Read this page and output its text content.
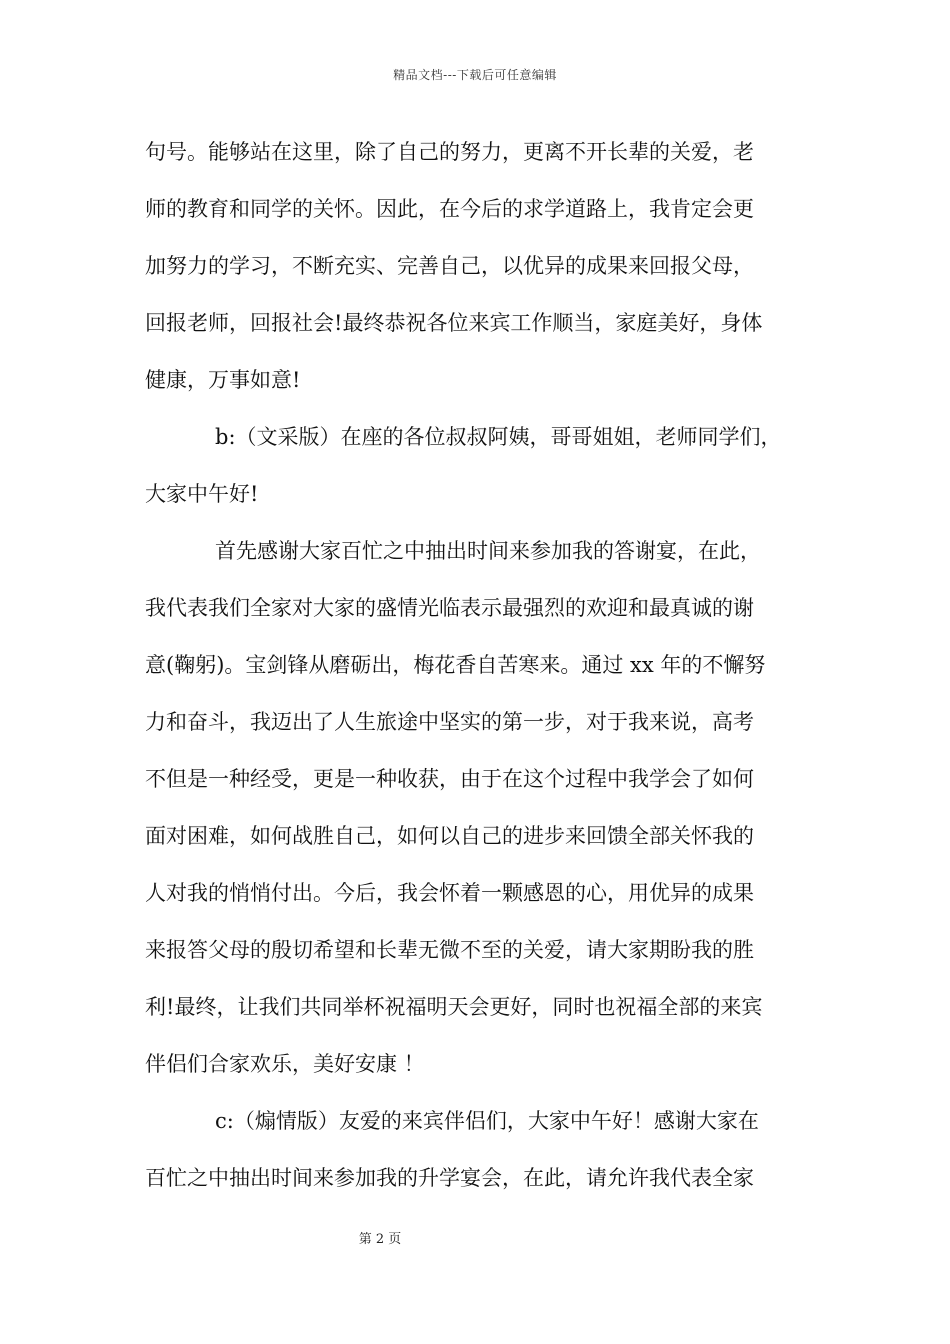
精品文档---下载后可任意编辑
句号。能够站在这里，除了自己的努力，更离不开长辈的关爱，老
师的教育和同学的关怀。因此，在今后的求学道路上，我肯定会更
加努力的学习，不断充实、完善自己，以优异的成果来回报父母，
回报老师，回报社会!最终恭祝各位来宾工作顺当，家庭美好，身体
健康，万事如意!
b:（文采版）在座的各位叔叔阿姨，哥哥姐姐，老师同学们，
大家中午好!
首先感谢大家百忙之中抽出时间来参加我的答谢宴，在此，
我代表我们全家对大家的盛情光临表示最强烈的欢迎和最真诚的谢
意(鞠躬)。宝剑锋从磨砺出，梅花香自苦寒来。通过 xx 年的不懈努
力和奋斗，我迈出了人生旅途中坚实的第一步，对于我来说，高考
不但是一种经受，更是一种收获，由于在这个过程中我学会了如何
面对困难，如何战胜自己，如何以自己的进步来回馈全部关怀我的
人对我的悄悄付出。今后，我会怀着一颗感恩的心，用优异的成果
来报答父母的殷切希望和长辈无微不至的关爱，请大家期盼我的胜
利!最终，让我们共同举杯祝福明天会更好，同时也祝福全部的来宾
伴侣们合家欢乐，美好安康 ！
c:（煽情版）友爱的来宾伴侣们，大家中午好！感谢大家在
百忙之中抽出时间来参加我的升学宴会，在此，请允许我代表全家
第 2 页
